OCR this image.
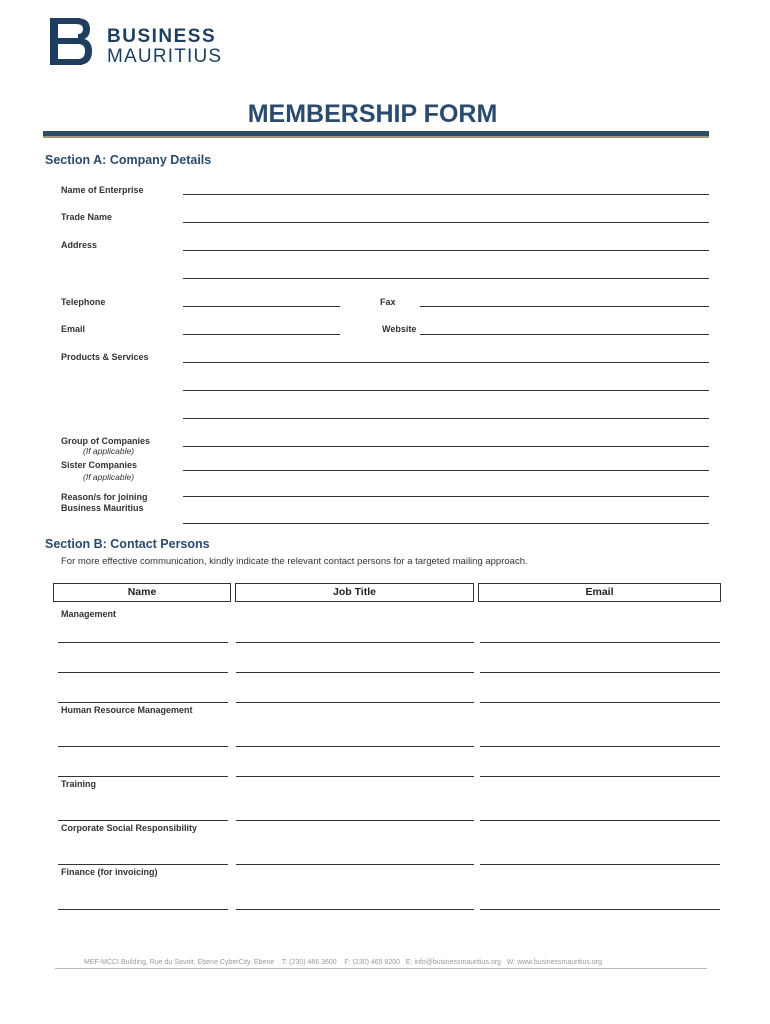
BUSINESS
MAURITIUS
MEMBERSHIP FORM
Section A: Company Details
Name of Enterprise
Trade Name
Address
Telephone	Fax
Email	Website
Products & Services
Group of Companies
(If applicable)
Sister Companies
(If applicable)
Reason/s for joining
Business Mauritius
Section B: Contact Persons
For more effective communication, kindly indicate the relevant contact persons for a targeted mailing approach.
Name	Job Title	Email
Management
Human Resource Management
Training
Corporate Social Responsibility
Finance (for invoicing)
MEF-MCCI Building, Rue du Savoir, Ebene CyberCity, Ebene    T: (230) 466 3600    F: (230) 465 8200   E: info@businessmauritius.org   W: www.businessmauritius.org
